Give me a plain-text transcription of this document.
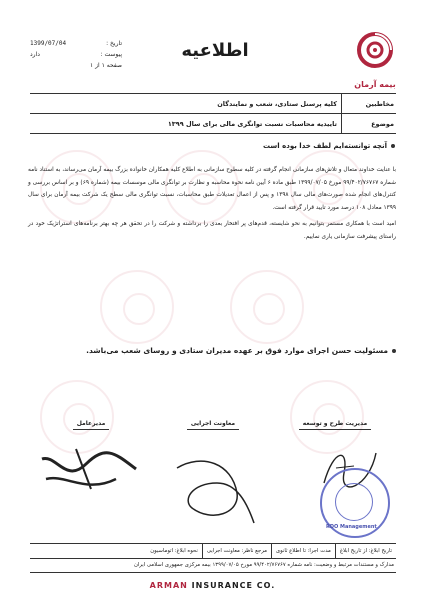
تاریخ :
1399/07/04
پیوست :
دارد
صفحه ۱ از ۱
اطلاعیه
بیمه آرمان
مخاطبین
کلیه پرسنل ستادی، شعب و نمایندگان
موضوع
تاییدیه محاسبات نسبت توانگری مالی برای سال ۱۳۹۹
آنچه توانسته‌ایم لطف خدا بوده است

با عنایت خداوند متعال و تلاش‌های سازمانی انجام گرفته در کلیه سطوح سازمانی به اطلاع کلیه همکاران خانواده بزرگ بیمه آرمان می‌رساند، به استناد نامه شماره ۹۹/۴۰۲/۷۶۷۶۷ مورخ ۱۳۹۹/۰۷/۰۵ طبق ماده ۶ آیین نامه نحوه محاسبه و نظارت بر توانگری مالی موسسات بیمه (شماره ۶۹) و بر اساس بررسی و کنترل‌های انجام شده صورت‌های مالی سال ۱۳۹۸ و پس از اعمال تعدیلات طبق محاسبات، نسبت توانگری مالی سطح یک شرکت بیمه آرمان برای سال ۱۳۹۹ معادل ۱۰۸ درصد مورد تایید قرار گرفته است.

امید است با همکاری مستمر بتوانیم به نحو شایسته، قدم‌های پر افتخار بعدی را برداشته و شرکت را در تحقق هر چه بهتر برنامه‌های استراتژیک خود در راستای پیشرفت سازمانی یاری نماییم.

مسئولیت حسن اجرای موارد فوق بر عهده مدیران ستادی و روسای شعب می‌باشد.
مدیریت طرح و توسعه
RDO Management
معاونت اجرایی
مدیرعامل
تاریخ ابلاغ: از تاریخ ابلاغ
مدت اجرا: تا اطلاع ثانوی
مرجع ناظر: معاونت اجرایی
نحوه ابلاغ: اتوماسیون
مدارک و مستندات مرتبط و وضعیت: نامه شماره ۹۹/۴۰۲/۷۶۷۶۷ مورخ ۱۳۹۹/۰۷/۰۵ بیمه مرکزی جمهوری اسلامی ایران
ARMAN INSURANCE CO.
